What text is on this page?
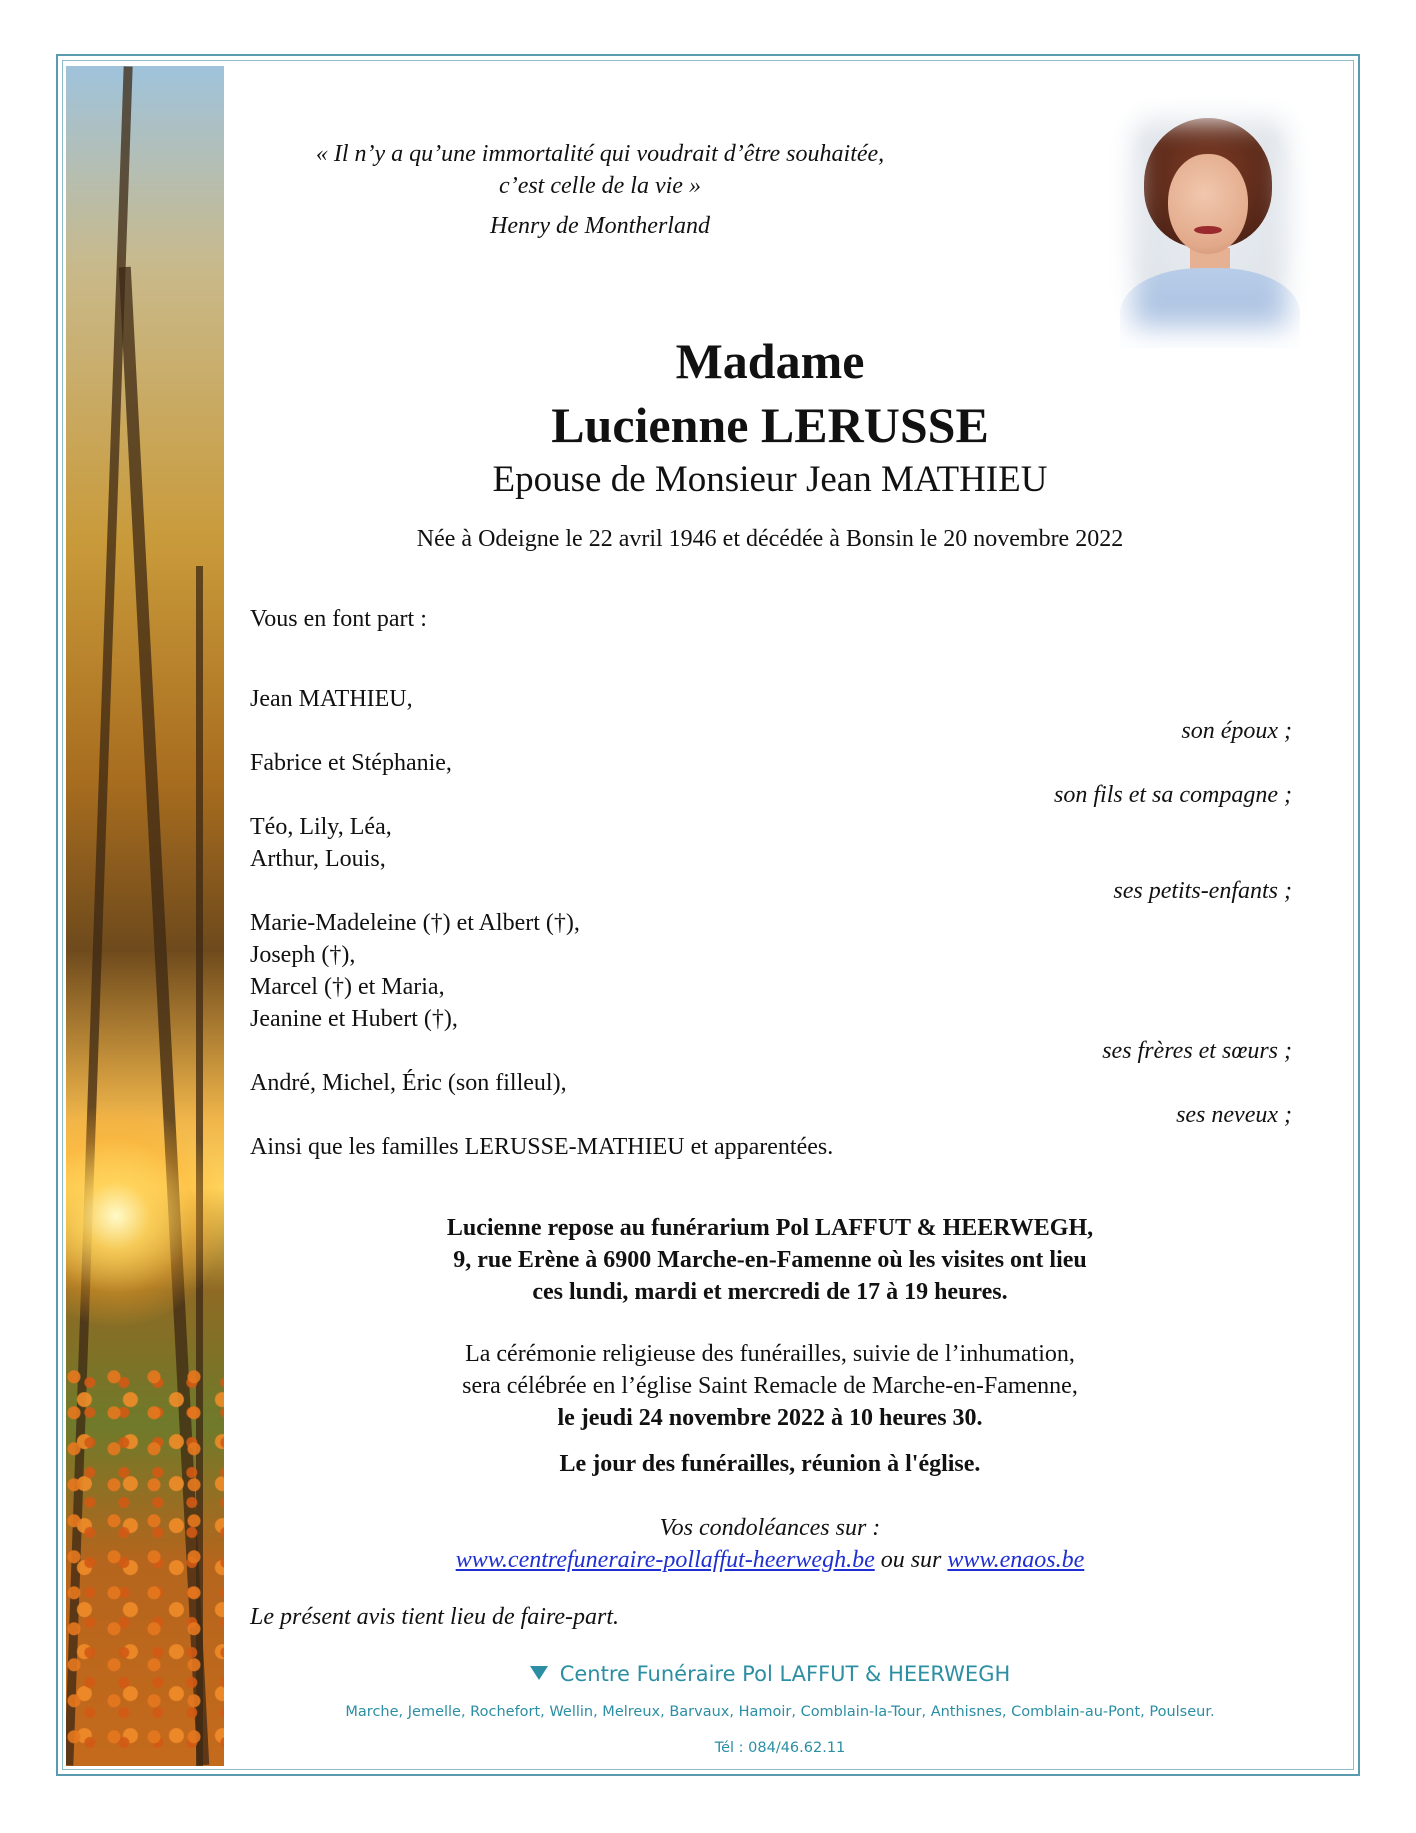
« Il n’y a qu’une immortalité qui voudrait d’être souhaitée,

c’est celle de la vie »

Henry de Montherland

Madame

Lucienne LERUSSE

Epouse de Monsieur Jean MATHIEU

Née à Odeigne le 22 avril 1946 et décédée à Bonsin le 20 novembre 2022

Vous en font part :

Jean MATHIEU,

son époux ;

Fabrice et Stéphanie,

son fils et sa compagne ;

Téo, Lily, Léa,

Arthur, Louis,

ses petits-enfants ;

Marie-Madeleine (†) et Albert (†),

Joseph (†),

Marcel (†) et Maria,

Jeanine et Hubert (†),

ses frères et sœurs ;

André, Michel, Éric (son filleul),

ses neveux ;

Ainsi que les familles LERUSSE-MATHIEU et apparentées.

Lucienne repose au funérarium Pol LAFFUT & HEERWEGH,

9, rue Erène à 6900 Marche-en-Famenne où les visites ont lieu

ces lundi, mardi et mercredi de 17 à 19 heures.

La cérémonie religieuse des funérailles, suivie de l’inhumation,

sera célébrée en l’église Saint Remacle de Marche-en-Famenne,

le jeudi 24 novembre 2022 à 10 heures 30.

Le jour des funérailles, réunion à l'église.

Vos condoléances sur :

www.centrefuneraire-pollaffut-heerwegh.be ou sur www.enaos.be

Le présent avis tient lieu de faire-part.

Centre Funéraire Pol LAFFUT & HEERWEGH

Marche, Jemelle, Rochefort, Wellin, Melreux, Barvaux, Hamoir, Comblain-la-Tour, Anthisnes, Comblain-au-Pont, Poulseur.

Tél : 084/46.62.11
